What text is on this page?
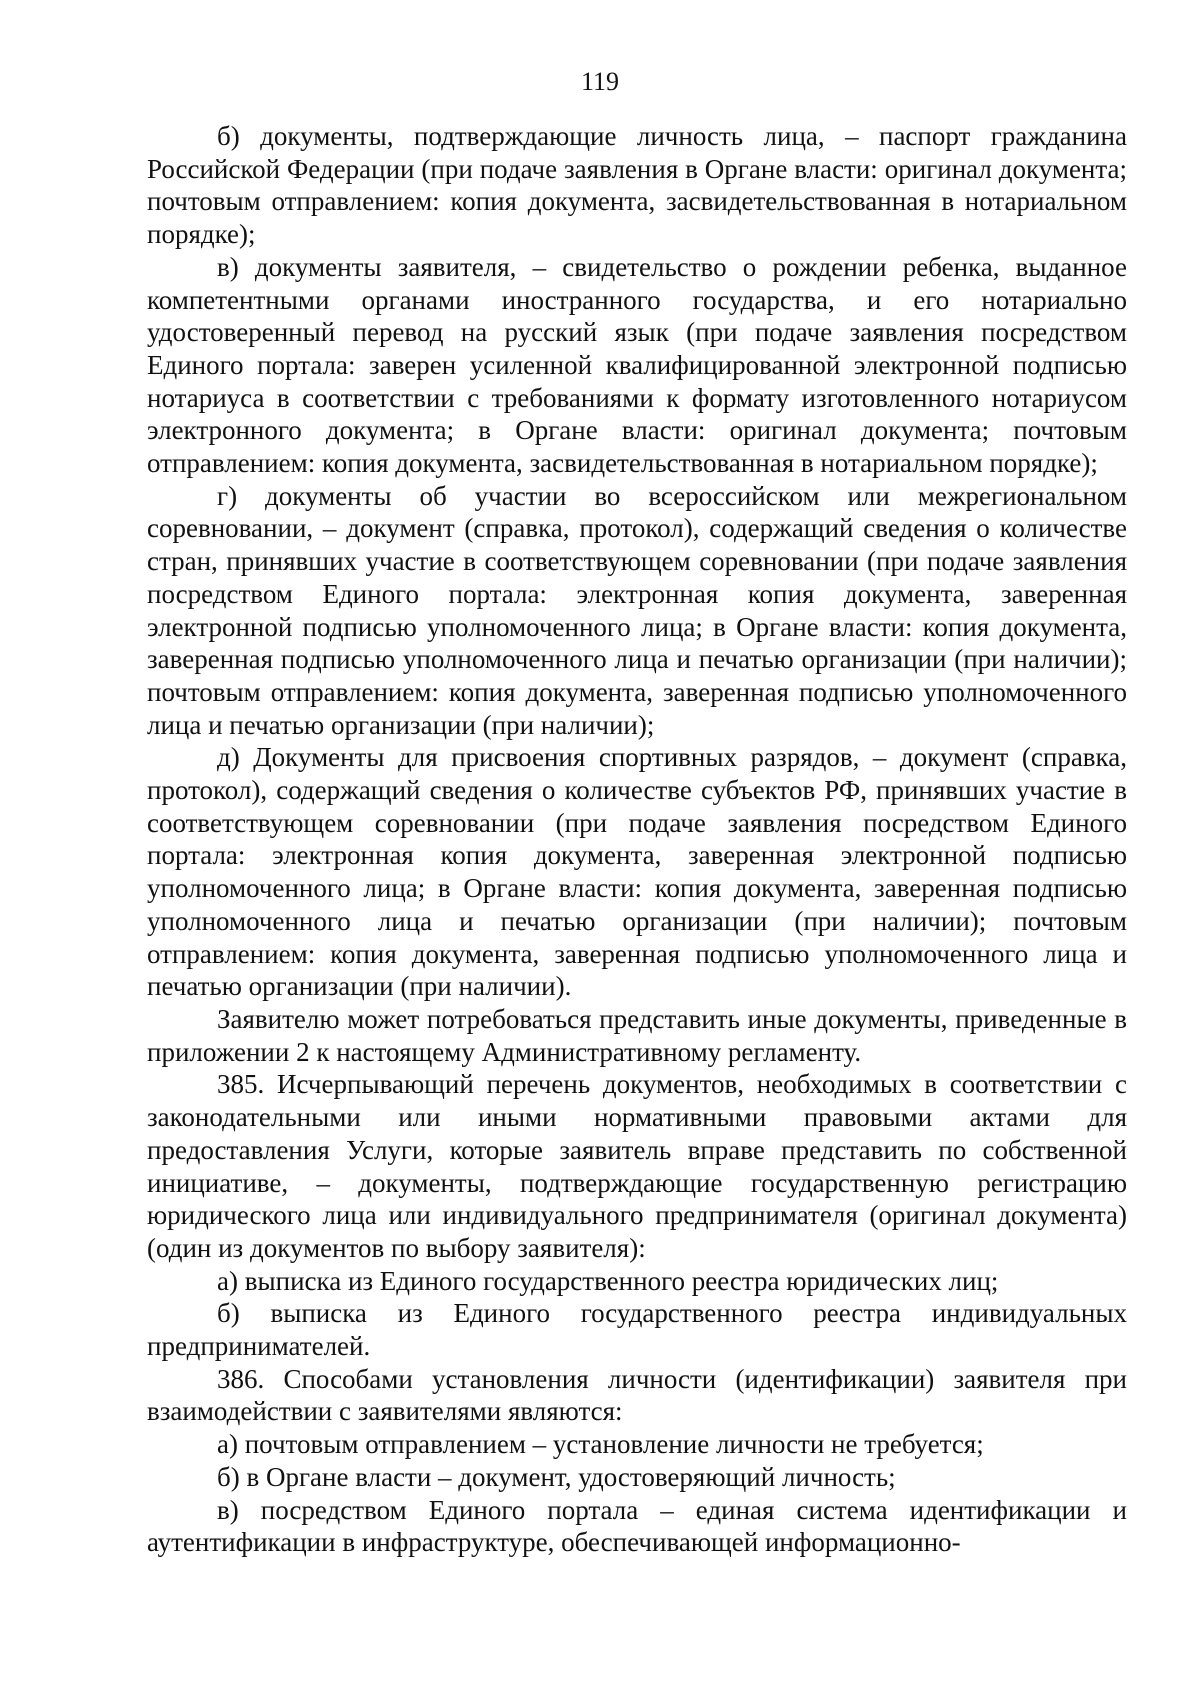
119

б) документы, подтверждающие личность лица, – паспорт гражданина Российской Федерации (при подаче заявления в Органе власти: оригинал документа; почтовым отправлением: копия документа, засвидетельствованная в нотариальном порядке);

в) документы заявителя, – свидетельство о рождении ребенка, выданное компетентными органами иностранного государства, и его нотариально удостоверенный перевод на русский язык (при подаче заявления посредством Единого портала: заверен усиленной квалифицированной электронной подписью нотариуса в соответствии с требованиями к формату изготовленного нотариусом электронного документа; в Органе власти: оригинал документа; почтовым отправлением: копия документа, засвидетельствованная в нотариальном порядке);

г) документы об участии во всероссийском или межрегиональном соревновании, – документ (справка, протокол), содержащий сведения о количестве стран, принявших участие в соответствующем соревновании (при подаче заявления посредством Единого портала: электронная копия документа, заверенная электронной подписью уполномоченного лица; в Органе власти: копия документа, заверенная подписью уполномоченного лица и печатью организации (при наличии); почтовым отправлением: копия документа, заверенная подписью уполномоченного лица и печатью организации (при наличии);

д) Документы для присвоения спортивных разрядов, – документ (справка, протокол), содержащий сведения о количестве субъектов РФ, принявших участие в соответствующем соревновании (при подаче заявления посредством Единого портала: электронная копия документа, заверенная электронной подписью уполномоченного лица; в Органе власти: копия документа, заверенная подписью уполномоченного лица и печатью организации (при наличии); почтовым отправлением: копия документа, заверенная подписью уполномоченного лица и печатью организации (при наличии).

Заявителю может потребоваться представить иные документы, приведенные в приложении 2 к настоящему Административному регламенту.

385. Исчерпывающий перечень документов, необходимых в соответствии с законодательными или иными нормативными правовыми актами для предоставления Услуги, которые заявитель вправе представить по собственной инициативе, – документы, подтверждающие государственную регистрацию юридического лица или индивидуального предпринимателя (оригинал документа) (один из документов по выбору заявителя):

а) выписка из Единого государственного реестра юридических лиц;

б) выписка из Единого государственного реестра индивидуальных предпринимателей.

386. Способами установления личности (идентификации) заявителя при взаимодействии с заявителями являются:

а) почтовым отправлением – установление личности не требуется;

б) в Органе власти – документ, удостоверяющий личность;

в) посредством Единого портала – единая система идентификации и аутентификации в инфраструктуре, обеспечивающей информационно-
